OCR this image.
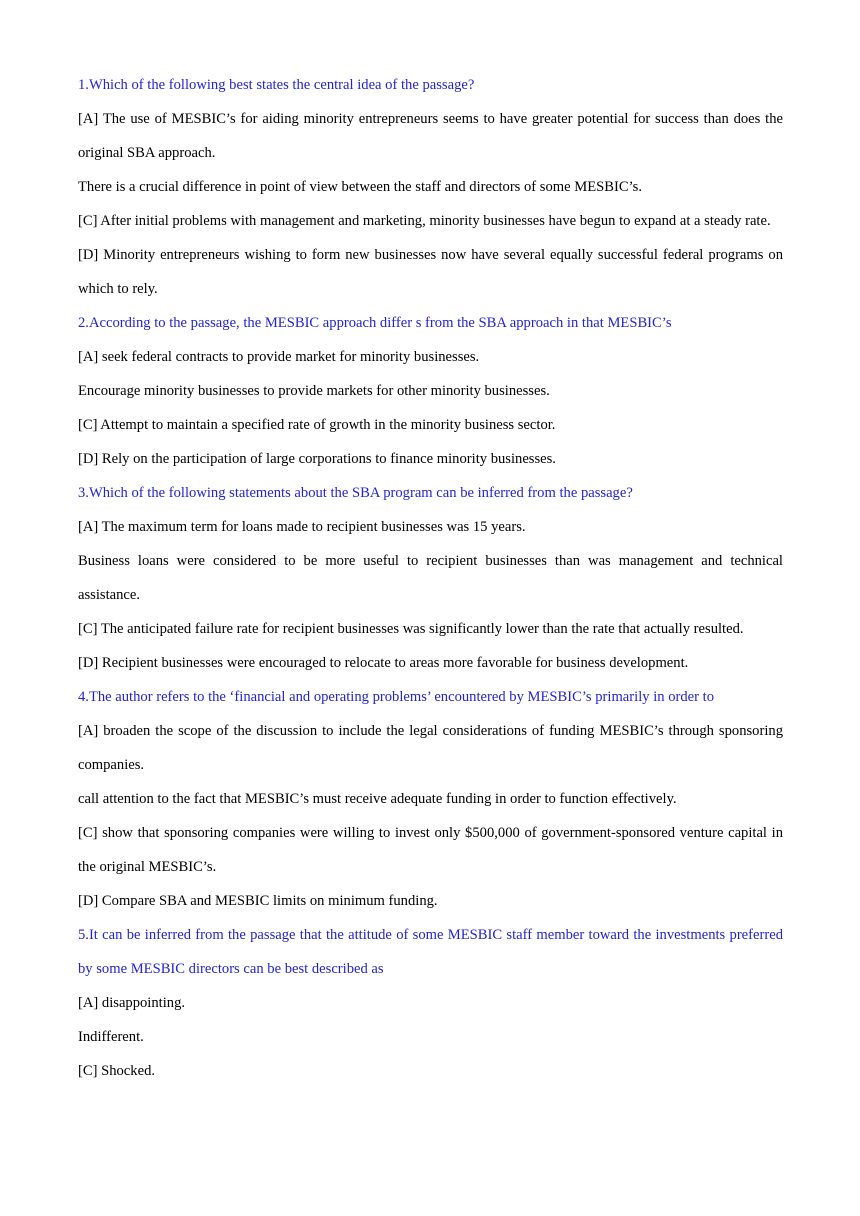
1.Which of the following best states the central idea of the passage?

[A] The use of MESBIC’s for aiding minority entrepreneurs seems to have greater potential for success than does the original SBA approach.

There is a crucial difference in point of view between the staff and directors of some MESBIC’s.

[C] After initial problems with management and marketing, minority businesses have begun to expand at a steady rate.

[D] Minority entrepreneurs wishing to form new businesses now have several equally successful federal programs on which to rely.

2.According to the passage, the MESBIC approach differ s from the SBA approach in that MESBIC’s

[A] seek federal contracts to provide market for minority businesses.

Encourage minority businesses to provide markets for other minority businesses.

[C] Attempt to maintain a specified rate of growth in the minority business sector.

[D] Rely on the participation of large corporations to finance minority businesses.

3.Which of the following statements about the SBA program can be inferred from the passage?

[A] The maximum term for loans made to recipient businesses was 15 years.

Business loans were considered to be more useful to recipient businesses than was management and technical assistance.

[C] The anticipated failure rate for recipient businesses was significantly lower than the rate that actually resulted.

[D] Recipient businesses were encouraged to relocate to areas more favorable for business development.

4.The author refers to the ‘financial and operating problems’ encountered by MESBIC’s primarily in order to

[A] broaden the scope of the discussion to include the legal considerations of funding MESBIC’s through sponsoring companies.

call attention to the fact that MESBIC’s must receive adequate funding in order to function effectively.

[C] show that sponsoring companies were willing to invest only $500,000 of government-sponsored venture capital in the original MESBIC’s.

[D] Compare SBA and MESBIC limits on minimum funding.

5.It can be inferred from the passage that the attitude of some MESBIC staff member toward the investments preferred by some MESBIC directors can be best described as

[A] disappointing.

Indifferent.

[C] Shocked.
